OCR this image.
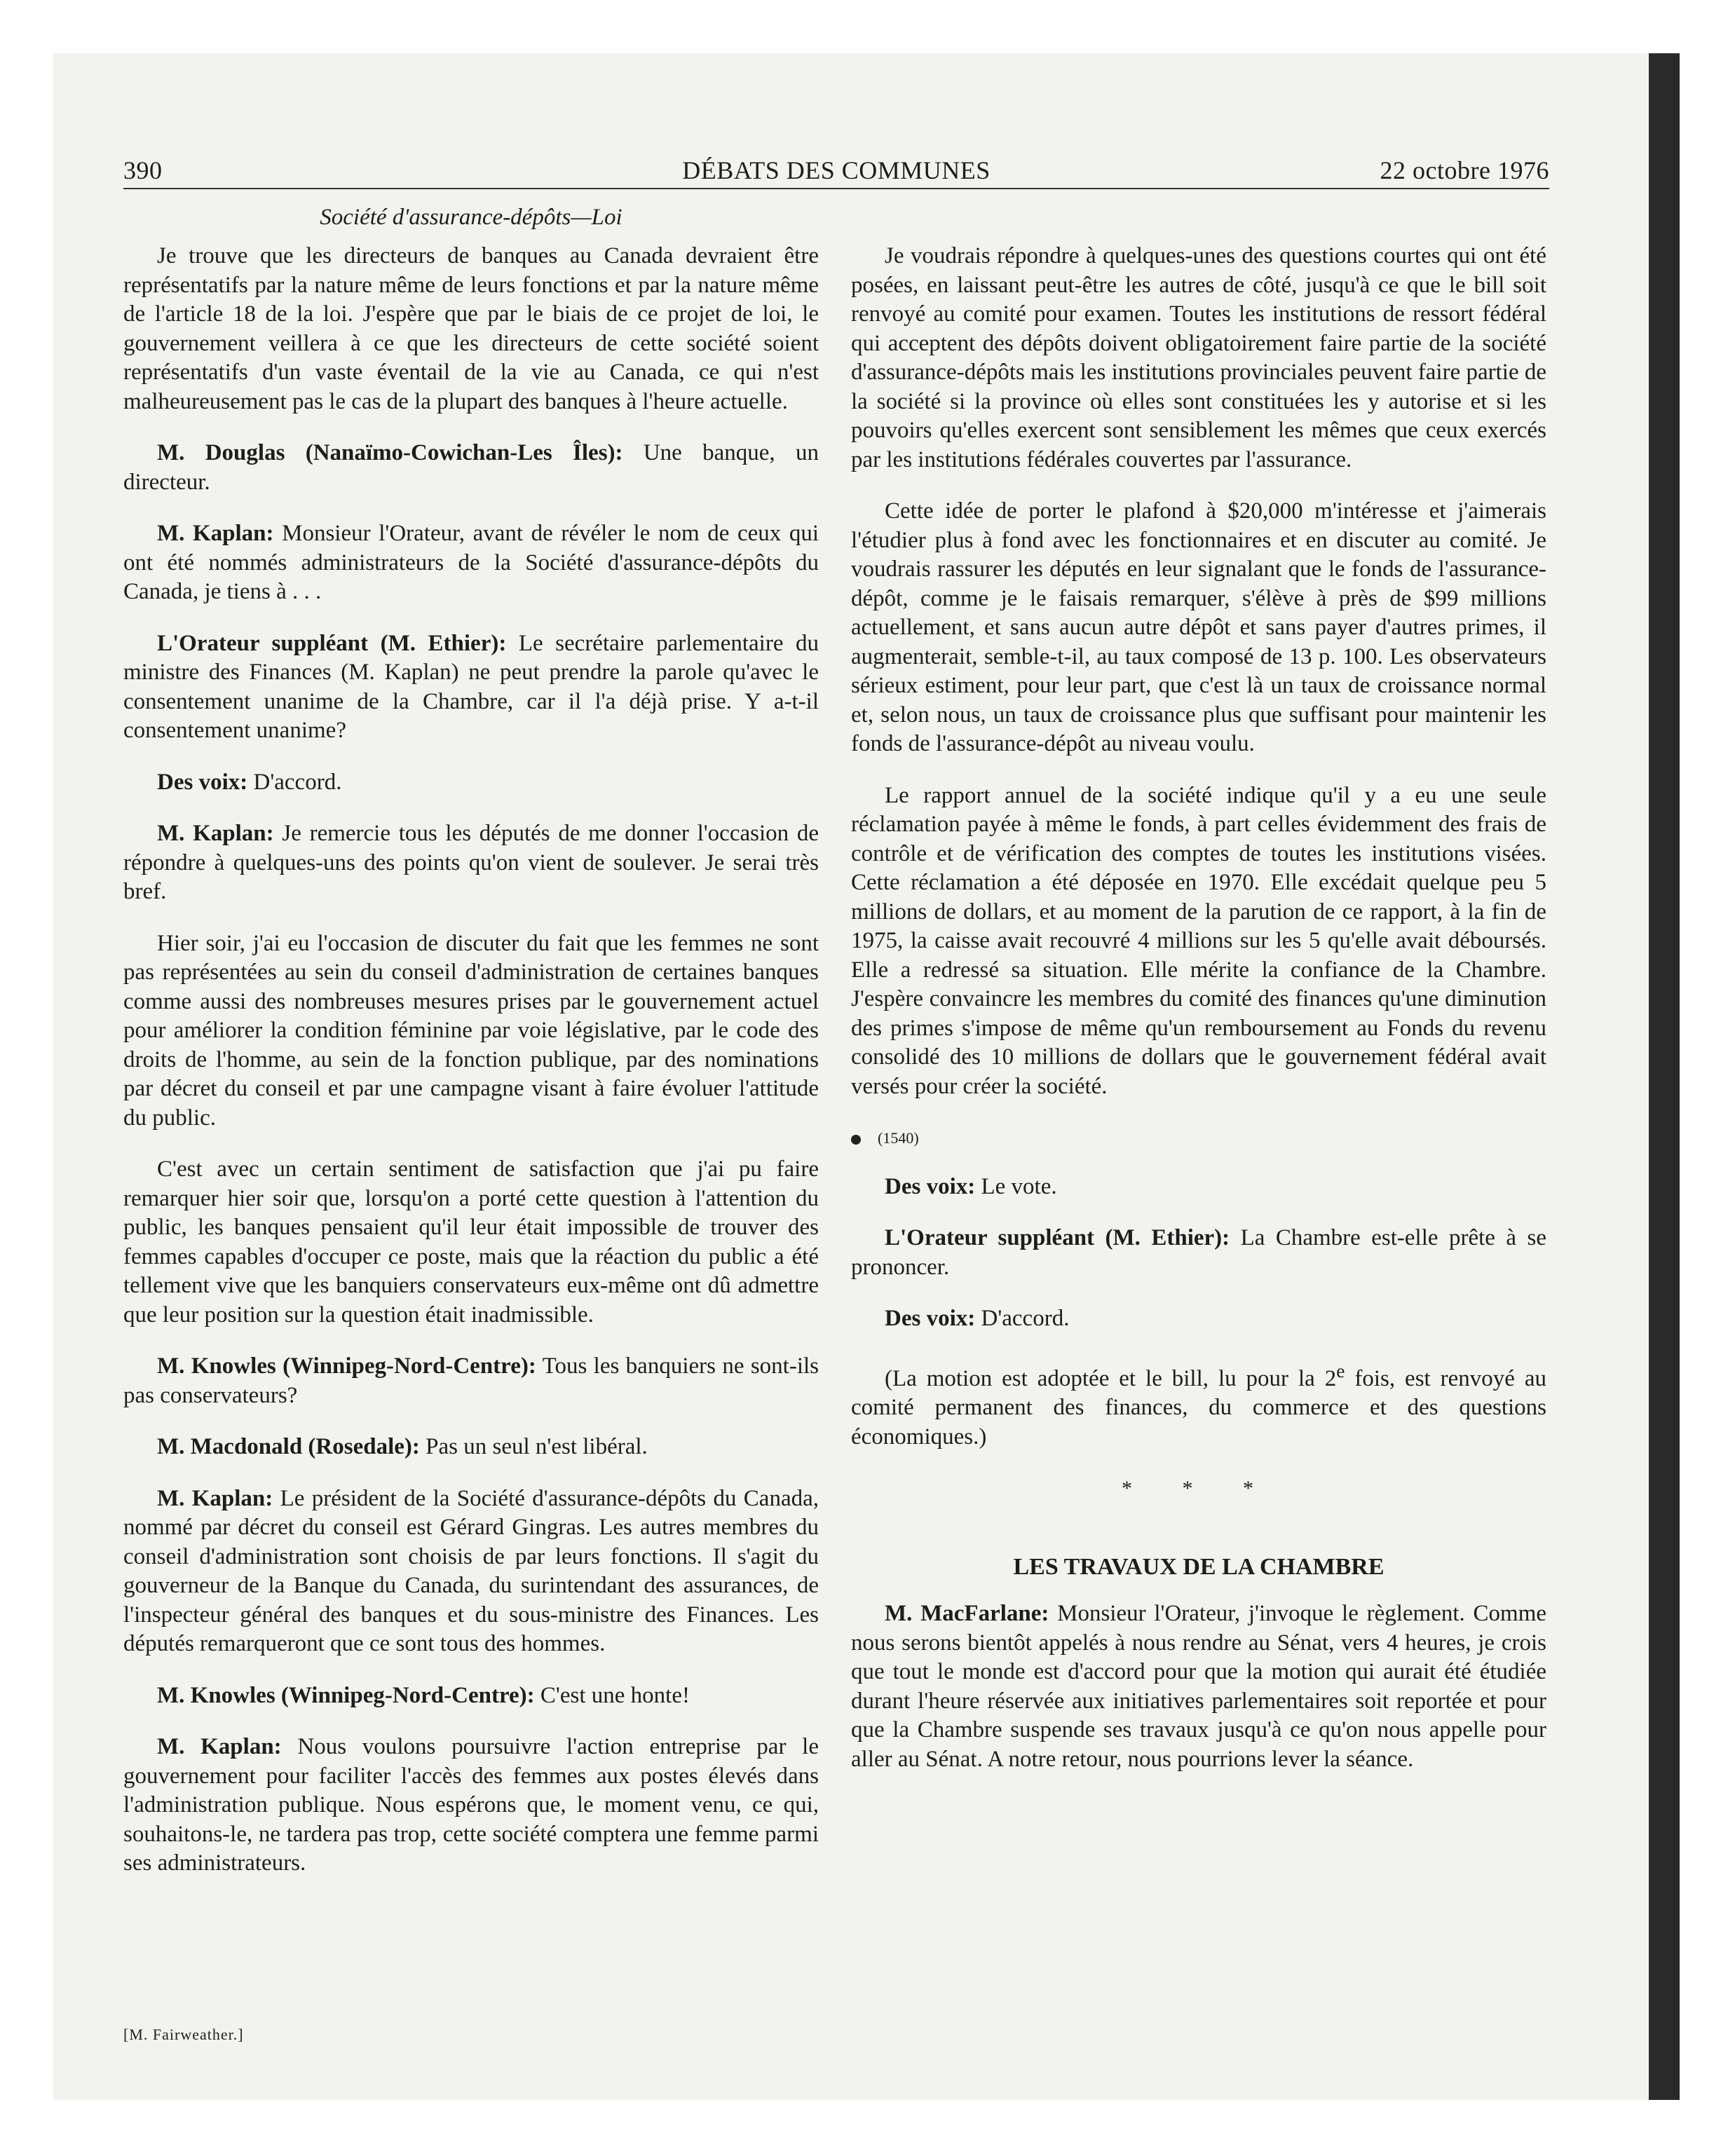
390	DÉBATS DES COMMUNES	22 octobre 1976
Société d'assurance-dépôts—Loi

Je trouve que les directeurs de banques au Canada devraient être représentatifs par la nature même de leurs fonctions et par la nature même de l'article 18 de la loi. J'espère que par le biais de ce projet de loi, le gouvernement veillera à ce que les directeurs de cette société soient représentatifs d'un vaste éventail de la vie au Canada, ce qui n'est malheureusement pas le cas de la plupart des banques à l'heure actuelle.

M. Douglas (Nanaïmo-Cowichan-Les Îles): Une banque, un directeur.

M. Kaplan: Monsieur l'Orateur, avant de révéler le nom de ceux qui ont été nommés administrateurs de la Société d'assurance-dépôts du Canada, je tiens à . . .

L'Orateur suppléant (M. Ethier): Le secrétaire parlementaire du ministre des Finances (M. Kaplan) ne peut prendre la parole qu'avec le consentement unanime de la Chambre, car il l'a déjà prise. Y a-t-il consentement unanime?

Des voix: D'accord.

M. Kaplan: Je remercie tous les députés de me donner l'occasion de répondre à quelques-uns des points qu'on vient de soulever. Je serai très bref.

Hier soir, j'ai eu l'occasion de discuter du fait que les femmes ne sont pas représentées au sein du conseil d'administration de certaines banques comme aussi des nombreuses mesures prises par le gouvernement actuel pour améliorer la condition féminine par voie législative, par le code des droits de l'homme, au sein de la fonction publique, par des nominations par décret du conseil et par une campagne visant à faire évoluer l'attitude du public.

C'est avec un certain sentiment de satisfaction que j'ai pu faire remarquer hier soir que, lorsqu'on a porté cette question à l'attention du public, les banques pensaient qu'il leur était impossible de trouver des femmes capables d'occuper ce poste, mais que la réaction du public a été tellement vive que les banquiers conservateurs eux-même ont dû admettre que leur position sur la question était inadmissible.

M. Knowles (Winnipeg-Nord-Centre): Tous les banquiers ne sont-ils pas conservateurs?

M. Macdonald (Rosedale): Pas un seul n'est libéral.

M. Kaplan: Le président de la Société d'assurance-dépôts du Canada, nommé par décret du conseil est Gérard Gingras. Les autres membres du conseil d'administration sont choisis de par leurs fonctions. Il s'agit du gouverneur de la Banque du Canada, du surintendant des assurances, de l'inspecteur général des banques et du sous-ministre des Finances. Les députés remarqueront que ce sont tous des hommes.

M. Knowles (Winnipeg-Nord-Centre): C'est une honte!

M. Kaplan: Nous voulons poursuivre l'action entreprise par le gouvernement pour faciliter l'accès des femmes aux postes élevés dans l'administration publique. Nous espérons que, le moment venu, ce qui, souhaitons-le, ne tardera pas trop, cette société comptera une femme parmi ses administrateurs.

[M. Fairweather.]

Je voudrais répondre à quelques-unes des questions courtes qui ont été posées, en laissant peut-être les autres de côté, jusqu'à ce que le bill soit renvoyé au comité pour examen. Toutes les institutions de ressort fédéral qui acceptent des dépôts doivent obligatoirement faire partie de la société d'assurance-dépôts mais les institutions provinciales peuvent faire partie de la société si la province où elles sont constituées les y autorise et si les pouvoirs qu'elles exercent sont sensiblement les mêmes que ceux exercés par les institutions fédérales couvertes par l'assurance.

Cette idée de porter le plafond à $20,000 m'intéresse et j'aimerais l'étudier plus à fond avec les fonctionnaires et en discuter au comité. Je voudrais rassurer les députés en leur signalant que le fonds de l'assurance-dépôt, comme je le faisais remarquer, s'élève à près de $99 millions actuellement, et sans aucun autre dépôt et sans payer d'autres primes, il augmenterait, semble-t-il, au taux composé de 13 p. 100. Les observateurs sérieux estiment, pour leur part, que c'est là un taux de croissance normal et, selon nous, un taux de croissance plus que suffisant pour maintenir les fonds de l'assurance-dépôt au niveau voulu.

Le rapport annuel de la société indique qu'il y a eu une seule réclamation payée à même le fonds, à part celles évidemment des frais de contrôle et de vérification des comptes de toutes les institutions visées. Cette réclamation a été déposée en 1970. Elle excédait quelque peu 5 millions de dollars, et au moment de la parution de ce rapport, à la fin de 1975, la caisse avait recouvré 4 millions sur les 5 qu'elle avait déboursés. Elle a redressé sa situation. Elle mérite la confiance de la Chambre. J'espère convaincre les membres du comité des finances qu'une diminution des primes s'impose de même qu'un remboursement au Fonds du revenu consolidé des 10 millions de dollars que le gouvernement fédéral avait versés pour créer la société.

(1540)

Des voix: Le vote.

L'Orateur suppléant (M. Ethier): La Chambre est-elle prête à se prononcer.

Des voix: D'accord.

(La motion est adoptée et le bill, lu pour la 2e fois, est renvoyé au comité permanent des finances, du commerce et des questions économiques.)

* * *

LES TRAVAUX DE LA CHAMBRE

M. MacFarlane: Monsieur l'Orateur, j'invoque le règlement. Comme nous serons bientôt appelés à nous rendre au Sénat, vers 4 heures, je crois que tout le monde est d'accord pour que la motion qui aurait été étudiée durant l'heure réservée aux initiatives parlementaires soit reportée et pour que la Chambre suspende ses travaux jusqu'à ce qu'on nous appelle pour aller au Sénat. A notre retour, nous pourrions lever la séance.
